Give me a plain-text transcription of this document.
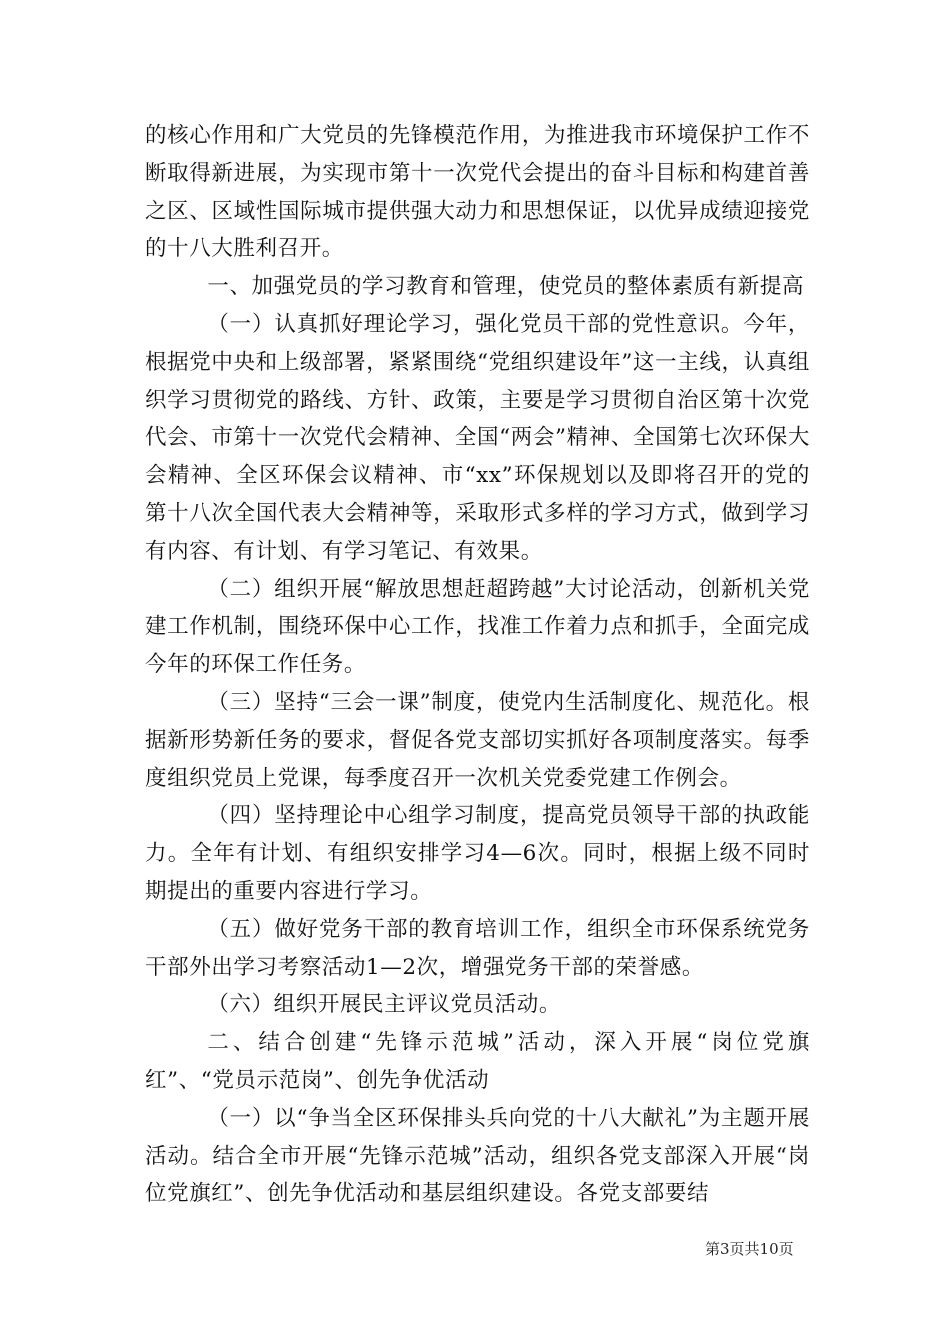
的核心作用和广大党员的先锋模范作用，为推进我市环境保护工作不断取得新进展，为实现市第十一次党代会提出的奋斗目标和构建首善之区、区域性国际城市提供强大动力和思想保证，以优异成绩迎接党的十八大胜利召开。

一、加强党员的学习教育和管理，使党员的整体素质有新提高

（一）认真抓好理论学习，强化党员干部的党性意识。今年，根据党中央和上级部署，紧紧围绕“党组织建设年”这一主线，认真组织学习贯彻党的路线、方针、政策，主要是学习贯彻自治区第十次党代会、市第十一次党代会精神、全国“两会”精神、全国第七次环保大会精神、全区环保会议精神、市“xx”环保规划以及即将召开的党的第十八次全国代表大会精神等，采取形式多样的学习方式，做到学习有内容、有计划、有学习笔记、有效果。

（二）组织开展“解放思想赶超跨越”大讨论活动，创新机关党建工作机制，围绕环保中心工作，找准工作着力点和抓手，全面完成今年的环保工作任务。

（三）坚持“三会一课”制度，使党内生活制度化、规范化。根据新形势新任务的要求，督促各党支部切实抓好各项制度落实。每季度组织党员上党课，每季度召开一次机关党委党建工作例会。

（四）坚持理论中心组学习制度，提高党员领导干部的执政能力。全年有计划、有组织安排学习4—6次。同时，根据上级不同时期提出的重要内容进行学习。

（五）做好党务干部的教育培训工作，组织全市环保系统党务干部外出学习考察活动1—2次，增强党务干部的荣誉感。

（六）组织开展民主评议党员活动。

二、结合创建“先锋示范城”活动，深入开展“岗位党旗红”、“党员示范岗”、创先争优活动

（一）以“争当全区环保排头兵向党的十八大献礼”为主题开展活动。结合全市开展“先锋示范城”活动，组织各党支部深入开展“岗位党旗红”、创先争优活动和基层组织建设。各党支部要结

第3页共10页
